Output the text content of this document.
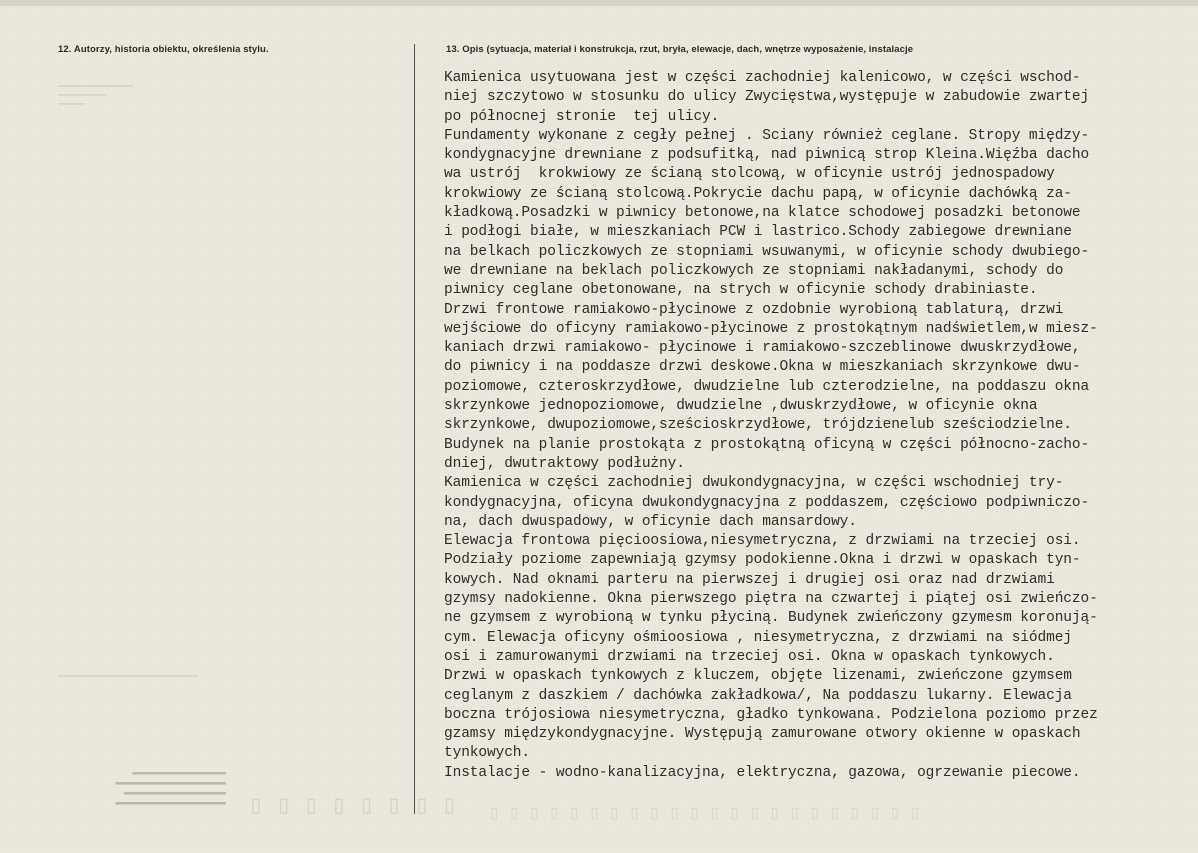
12. Autorzy, historia obiektu, określenia stylu.	13. Opis (sytuacja, materiał i konstrukcja, rzut, bryła, elewacje, dach, wnętrze wyposażenie, instalacje
Kamienica usytuowana jest w części zachodniej kalenicowo, w części wschod-
niej szczytowo w stosunku do ulicy Zwycięstwa,występuje w zabudowie zwartej
po północnej stronie  tej ulicy.
Fundamenty wykonane z cegły pełnej . Sciany również ceglane. Stropy między-
kondygnacyjne drewniane z podsufitką, nad piwnicą strop Kleina.Więźba dacho
wa ustrój  krokwiowy ze ścianą stolcową, w oficynie ustrój jednospadowy
krokwiowy ze ścianą stolcową.Pokrycie dachu papą, w oficynie dachówką za-
kładkową.Posadzki w piwnicy betonowe,na klatce schodowej posadzki betonowe
i podłogi białe, w mieszkaniach PCW i lastrico.Schody zabiegowe drewniane
na belkach policzkowych ze stopniami wsuwanymi, w oficynie schody dwubiego-
we drewniane na beklach policzkowych ze stopniami nakładanymi, schody do
piwnicy ceglane obetonowane, na strych w oficynie schody drabiniaste.
Drzwi frontowe ramiakowo-płycinowe z ozdobnie wyrobioną tablaturą, drzwi
wejściowe do oficyny ramiakowo-płycinowe z prostokątnym nadświetlem,w miesz-
kaniach drzwi ramiakowo- płycinowe i ramiakowo-szczeblinowe dwuskrzydłowe,
do piwnicy i na poddasze drzwi deskowe.Okna w mieszkaniach skrzynkowe dwu-
poziomowe, czteroskrzydłowe, dwudzielne lub czterodzielne, na poddaszu okna
skrzynkowe jednopoziomowe, dwudzielne ,dwuskrzydłowe, w oficynie okna
skrzynkowe, dwupoziomowe,sześcioskrzydłowe, trójdzienelub sześciodzielne.
Budynek na planie prostokąta z prostokątną oficyną w części północno-zacho-
dniej, dwutraktowy podłużny.
Kamienica w części zachodniej dwukondygnacyjna, w części wschodniej try-
kondygnacyjna, oficyna dwukondygnacyjna z poddaszem, częściowo podpiwniczo-
na, dach dwuspadowy, w oficynie dach mansardowy.
Elewacja frontowa pięcioosiowa,niesymetryczna, z drzwiami na trzeciej osi.
Podziały poziome zapewniają gzymsy podokienne.Okna i drzwi w opaskach tyn-
kowych. Nad oknami parteru na pierwszej i drugiej osi oraz nad drzwiami
gzymsy nadokienne. Okna pierwszego piętra na czwartej i piątej osi zwieńczo-
ne gzymsem z wyrobioną w tynku płyciną. Budynek zwieńczony gzymesm koronują-
cym. Elewacja oficyny ośmioosiowa , niesymetryczna, z drzwiami na siódmej
osi i zamurowanymi drzwiami na trzeciej osi. Okna w opaskach tynkowych.
Drzwi w opaskach tynkowych z kluczem, objęte lizenami, zwieńczone gzymsem
ceglanym z daszkiem / dachówka zakładkowa/, Na poddaszu lukarny. Elewacja
boczna trójosiowa niesymetryczna, gładko tynkowana. Podzielona poziomo przez
gzamsy międzykondygnacyjne. Występują zamurowane otwory okienne w opaskach
tynkowych.
Instalacje - wodno-kanalizacyjna, elektryczna, gazowa, ogrzewanie piecowe.
▔▔▔▔▔▔▔▔▔▔▔▔▔▔
▔▔▔▔▔▔▔▔▔
▔▔▔▔▔
▔▔▔▔▔▔▔▔▔▔▔▔▔▔▔▔▔▔▔▔▔▔▔▔▔▔
▬▬▬▬▬▬▬▬▬▬▬▬▬
▬▬▬▬▬▬▬▬▬▬▬▬
▬▬▬▬▬▬▬▬▬▬▬▬▬
▬▬▬▬▬▬▬▬▬▬▬
▯▯▯▯▯▯▯▯ ▯▯▯▯▯▯▯▯▯▯▯▯▯▯▯▯▯▯▯▯▯▯
